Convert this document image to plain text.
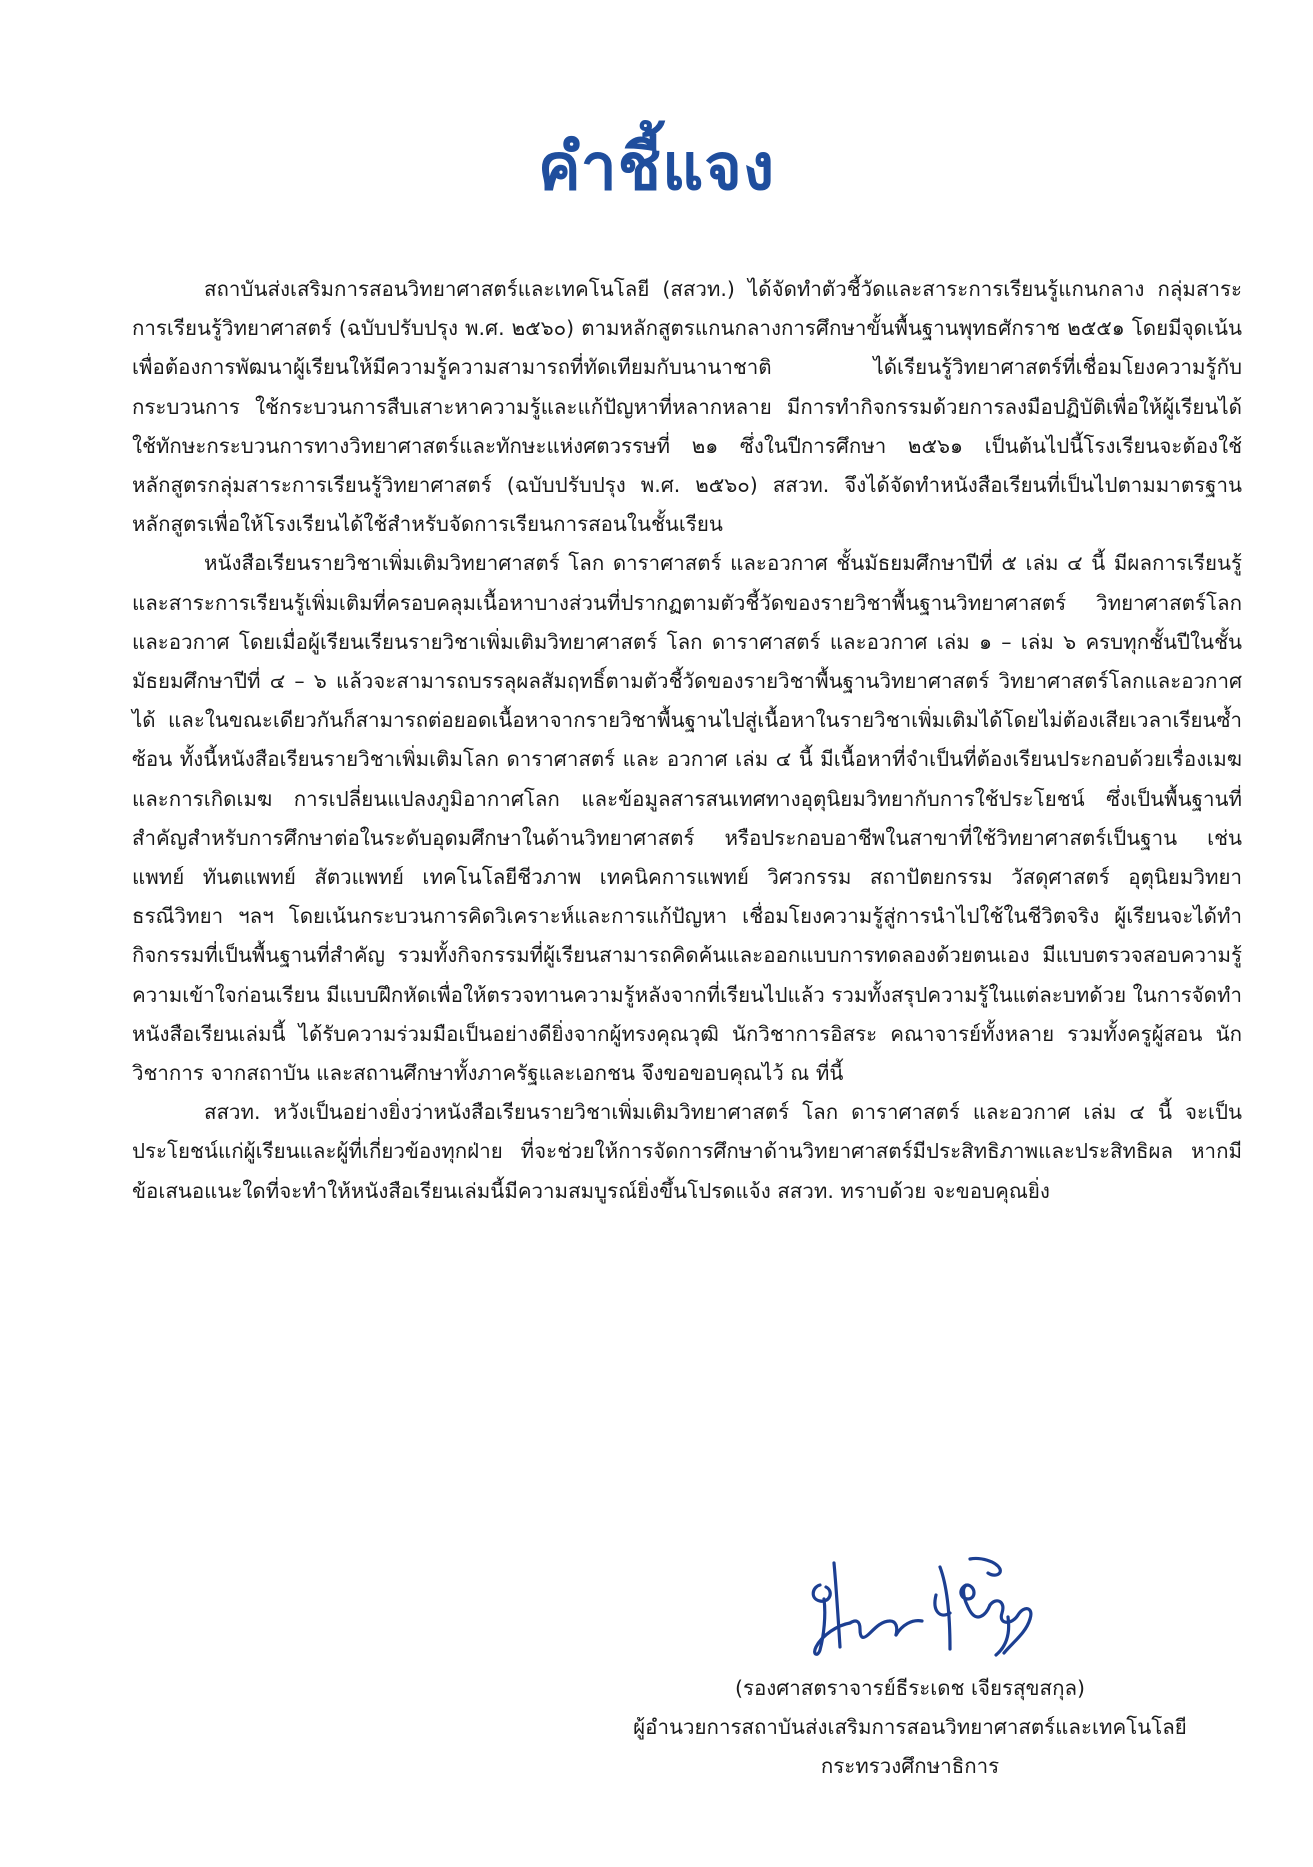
คำชี้แจง

สถาบันส่งเสริมการสอนวิทยาศาสตร์และเทคโนโลยี (สสวท.) ได้จัดทำตัวชี้วัดและสาระการเรียนรู้แกนกลาง กลุ่มสาระการเรียนรู้วิทยาศาสตร์ (ฉบับปรับปรุง พ.ศ. ๒๕๖๐) ตามหลักสูตรแกนกลางการศึกษาขั้นพื้นฐานพุทธศักราช ๒๕๕๑ โดยมีจุดเน้นเพื่อต้องการพัฒนาผู้เรียนให้มีความรู้ความสามารถที่ทัดเทียมกับนานาชาติ ได้เรียนรู้วิทยาศาสตร์ที่เชื่อมโยงความรู้กับกระบวนการ ใช้กระบวนการสืบเสาะหาความรู้และแก้ปัญหาที่หลากหลาย มีการทำกิจกรรมด้วยการลงมือปฏิบัติเพื่อให้ผู้เรียนได้ใช้ทักษะกระบวนการทางวิทยาศาสตร์และทักษะแห่งศตวรรษที่ ๒๑ ซึ่งในปีการศึกษา ๒๕๖๑ เป็นต้นไปนี้โรงเรียนจะต้องใช้หลักสูตรกลุ่มสาระการเรียนรู้วิทยาศาสตร์ (ฉบับปรับปรุง พ.ศ. ๒๕๖๐) สสวท. จึงได้จัดทำหนังสือเรียนที่เป็นไปตามมาตรฐานหลักสูตรเพื่อให้โรงเรียนได้ใช้สำหรับจัดการเรียนการสอนในชั้นเรียน

หนังสือเรียนรายวิชาเพิ่มเติมวิทยาศาสตร์ โลก ดาราศาสตร์ และอวกาศ ชั้นมัธยมศึกษาปีที่ ๕ เล่ม ๔ นี้ มีผลการเรียนรู้และสาระการเรียนรู้เพิ่มเติมที่ครอบคลุมเนื้อหาบางส่วนที่ปรากฏตามตัวชี้วัดของรายวิชาพื้นฐานวิทยาศาสตร์ วิทยาศาสตร์โลกและอวกาศ โดยเมื่อผู้เรียนเรียนรายวิชาเพิ่มเติมวิทยาศาสตร์ โลก ดาราศาสตร์ และอวกาศ เล่ม ๑ – เล่ม ๖ ครบทุกชั้นปีในชั้นมัธยมศึกษาปีที่ ๔ – ๖ แล้วจะสามารถบรรลุผลสัมฤทธิ์ตามตัวชี้วัดของรายวิชาพื้นฐานวิทยาศาสตร์ วิทยาศาสตร์โลกและอวกาศได้ และในขณะเดียวกันก็สามารถต่อยอดเนื้อหาจากรายวิชาพื้นฐานไปสู่เนื้อหาในรายวิชาเพิ่มเติมได้โดยไม่ต้องเสียเวลาเรียนซ้ำซ้อน ทั้งนี้หนังสือเรียนรายวิชาเพิ่มเติมโลก ดาราศาสตร์ และ อวกาศ เล่ม ๔ นี้ มีเนื้อหาที่จำเป็นที่ต้องเรียนประกอบด้วยเรื่องเมฆและการเกิดเมฆ การเปลี่ยนแปลงภูมิอากาศโลก และข้อมูลสารสนเทศทางอุตุนิยมวิทยากับการใช้ประโยชน์ ซึ่งเป็นพื้นฐานที่สำคัญสำหรับการศึกษาต่อในระดับอุดมศึกษาในด้านวิทยาศาสตร์ หรือประกอบอาชีพในสาขาที่ใช้วิทยาศาสตร์เป็นฐาน เช่น แพทย์ ทันตแพทย์ สัตวแพทย์ เทคโนโลยีชีวภาพ เทคนิคการแพทย์ วิศวกรรม สถาปัตยกรรม วัสดุศาสตร์ อุตุนิยมวิทยา ธรณีวิทยา ฯลฯ โดยเน้นกระบวนการคิดวิเคราะห์และการแก้ปัญหา เชื่อมโยงความรู้สู่การนำไปใช้ในชีวิตจริง ผู้เรียนจะได้ทำกิจกรรมที่เป็นพื้นฐานที่สำคัญ รวมทั้งกิจกรรมที่ผู้เรียนสามารถคิดค้นและออกแบบการทดลองด้วยตนเอง มีแบบตรวจสอบความรู้ความเข้าใจก่อนเรียน มีแบบฝึกหัดเพื่อให้ตรวจทานความรู้หลังจากที่เรียนไปแล้ว รวมทั้งสรุปความรู้ในแต่ละบทด้วย ในการจัดทำหนังสือเรียนเล่มนี้ ได้รับความร่วมมือเป็นอย่างดียิ่งจากผู้ทรงคุณวุฒิ นักวิชาการอิสระ คณาจารย์ทั้งหลาย รวมทั้งครูผู้สอน นักวิชาการ จากสถาบัน และสถานศึกษาทั้งภาครัฐและเอกชน จึงขอขอบคุณไว้ ณ ที่นี้

สสวท. หวังเป็นอย่างยิ่งว่าหนังสือเรียนรายวิชาเพิ่มเติมวิทยาศาสตร์ โลก ดาราศาสตร์ และอวกาศ เล่ม ๔ นี้ จะเป็นประโยชน์แก่ผู้เรียนและผู้ที่เกี่ยวข้องทุกฝ่าย ที่จะช่วยให้การจัดการศึกษาด้านวิทยาศาสตร์มีประสิทธิภาพและประสิทธิผล หากมีข้อเสนอแนะใดที่จะทำให้หนังสือเรียนเล่มนี้มีความสมบูรณ์ยิ่งขึ้นโปรดแจ้ง สสวท. ทราบด้วย จะขอบคุณยิ่ง

(รองศาสตราจารย์ธีระเดช เจียรสุขสกุล)
ผู้อำนวยการสถาบันส่งเสริมการสอนวิทยาศาสตร์และเทคโนโลยี
กระทรวงศึกษาธิการ
